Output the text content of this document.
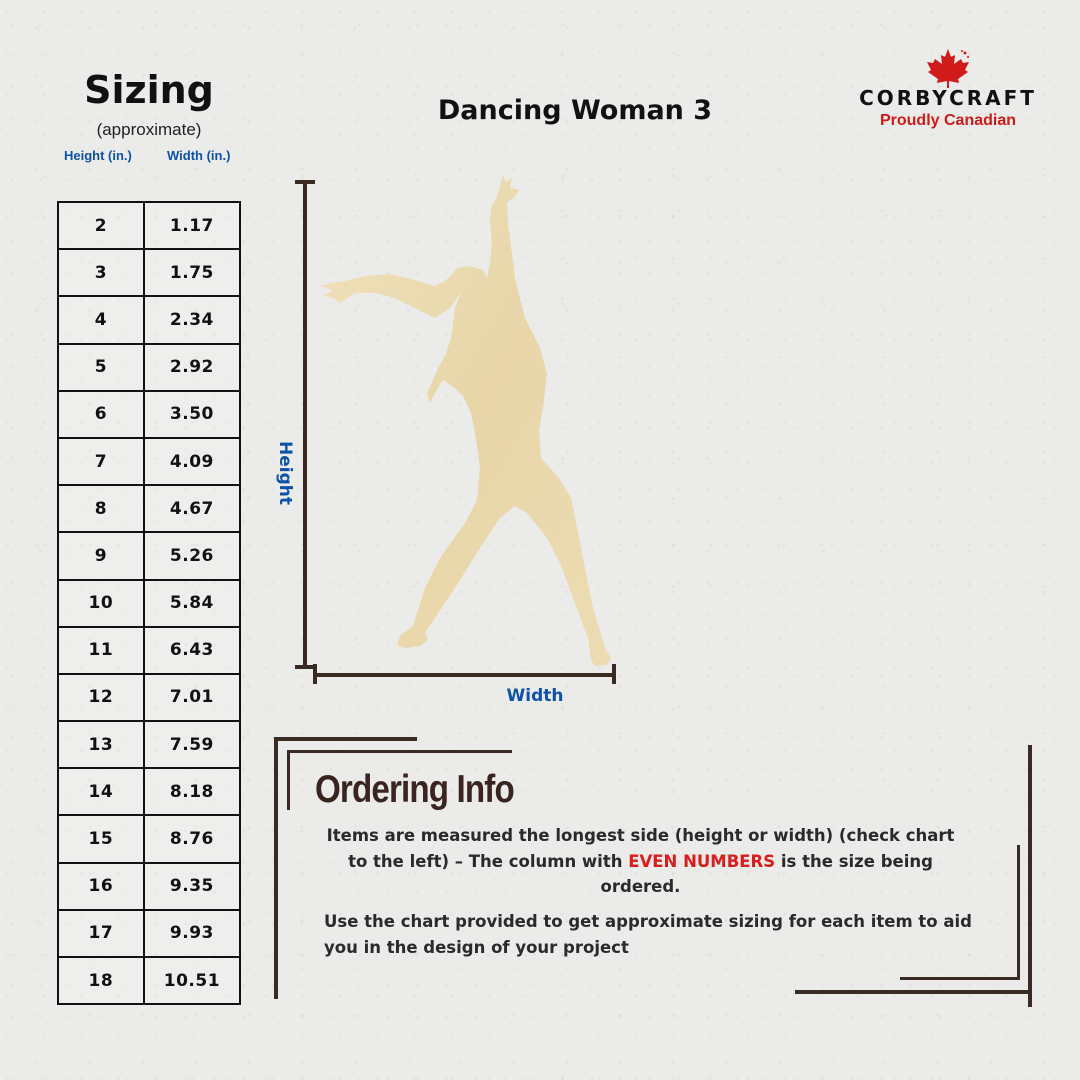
Sizing
(approximate)
Height (in.)	Width (in.)
2	1.17
3	1.75
4	2.34
5	2.92
6	3.50
7	4.09
8	4.67
9	5.26
10	5.84
11	6.43
12	7.01
13	7.59
14	8.18
15	8.76
16	9.35
17	9.93
18	10.51
Dancing Woman 3	CORBYCRAFT
Proudly Canadian
Height
Width
Ordering Info
Items are measured the longest side (height or width) (check chart to the left) – The column with EVEN NUMBERS is the size being ordered.
Use the chart provided to get approximate sizing for each item to aid you in the design of your project
